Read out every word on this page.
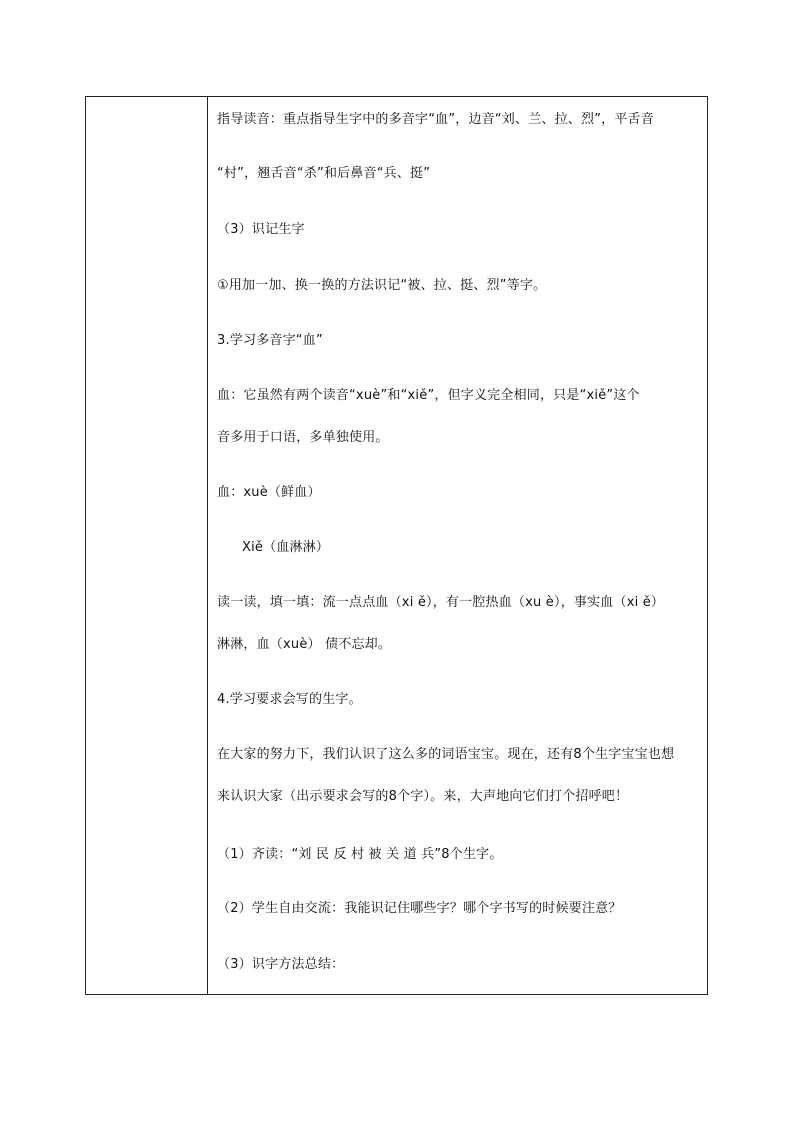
指导读音：重点指导生字中的多音字“血”，边音“刘、兰、拉、烈”，平舌音
“村”，翘舌音“杀”和后鼻音“兵、挺”
（3）识记生字
①用加一加、换一换的方法识记“被、拉、挺、烈”等字。
3.学习多音字“血”
血：它虽然有两个读音“xuè”和“xiě”，但字义完全相同，只是“xiě”这个
音多用于口语，多单独使用。
血：xuè（鲜血）
Xiě（血淋淋）
读一读，填一填：流一点点血（xi ě），有一腔热血（xu è），事实血（xi ě）
淋淋，血（xuè） 债不忘却。
4.学习要求会写的生字。
在大家的努力下，我们认识了这么多的词语宝宝。现在，还有8个生字宝宝也想
来认识大家（出示要求会写的8个字）。来，大声地向它们打个招呼吧！
（1）齐读：“刘 民 反 村 被 关 道 兵”8个生字。
（2）学生自由交流：我能识记住哪些字？哪个字书写的时候要注意？
（3）识字方法总结：
